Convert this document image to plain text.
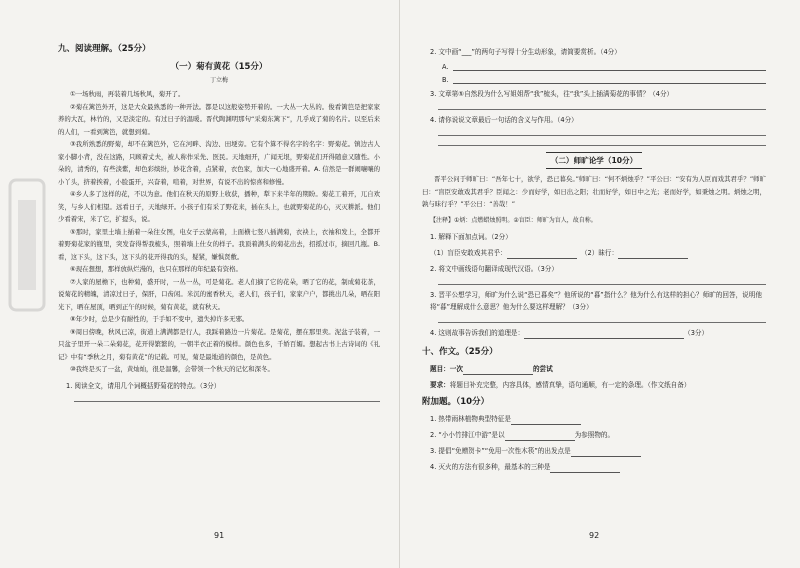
九、阅读理解。（25分）
（一）菊有黄花（15分）
丁立梅

①一场秋雨，再装着几场秋风，菊开了。

②菊在篱笆外开，这是大众最熟悉的一种开法。都是以这般姿势开着的。一大丛一大丛的。俊看篱笆是把家家养的大瓦，林竹的，又是淡定的。有过日子的温暖。晋代陶渊明那句“采菊东篱下”，几乎成了菊的名片。以至后来的人们，一看到篱笆，就想到菊。

③我所熟悉的野菊，却不在篱笆外，它在河畔、沟边、田埂旁。它有个算不得名字的名字：野菊花。镇边古人家小脚小背，没在这路，只顾着丈夫，被人称作采先、医民。天地细开，广闻无垠，野菊花们开得随意又随性。小朵的，清秀的，有些淡紫，却色彩缤纷，妙花含着，点紧着，衣色家，加大一心地盛开着。A. 信然是一群闹嚷嚷的小丫头，挤着挨着，小脸蛋开，兴奋着，喧着，对世界，有说不出的惊喜和修慢。

④乡人多了这样的花，不以为意。他们在秋天的原野上收获，播种，犁下来半年的期盼。菊花工着开，兀自欢笑，与乡人们相望。远看日子，天地绿开。小孩子们有采了野花来，插在头上，也就野菊花的心，灭灭耕派。他们少看着宋，米了它，扩提头，说。

⑤那时，家里土墙上插着一朵往女图，电女子云蒙高着，上面横七竖八插满菊，衣袂上，衣袖和发上，全都开着野菊花家的瓶里，突发奋得帮我梳头，照着墙上仕女的样子。我顶着满头的菊花出去，招摇过市，摘回几瓶。B. 看，这下头，这下头，这下头的花开得我的头，疑紧，嫌惧贤敷。

⑥现在想想，那样放纵烂漫的，也只在那样的年纪最有资格。

⑦人家的屋檐下，也种菊，盛开时，一丛一丛，可是菊花。老人们摘了它的花朵，晒了它的花，制成菊花茶，说菊花的精魄，清凉过日子，保肝，口齿闲。米沉的蜜香秋天，老人们，孩子们，家家户户，都挑出几朵，晒在阳光下，晒在屋顶，晒到正午的时候，菊有黄花，就有秋天。

⑧年少时，总是少有耐性的，于手如不变中，遗失掉许多无邪。

⑨周日傍晚，秋风已凉，街道上满满都是行人，我踩着路边一片菊花。是菊花，摆在那里卖。泥盆子装着，一只盆子里开一朵二朵菊花，花开得繁繁的，一朝半衣正着的模样。颜色也多，千娇百媚。想起古书上古诗词的《礼记》中有“季秋之月，菊有黄花”的记载。可见，菊是最地道的颜色，是黄色。

⑩我终是买了一盆，黄灿灿，很是温馨，会带领一个秋天的记忆和深冬。

1. 阅读全文，请用几个词概括野菊花的特点。（3分）
91
2. 文中画“___”的两句子写得十分生动形象，请简要赏析。（4分）
A.
B.
3. 文章第⑤自然段为什么写姐姐帮“我”梳头，往“我”头上插满菊花的事情？（4分）
4. 请你说说文章最后一句话的含义与作用。（4分）
（二）师旷论学（10分）

晋平公问于师旷曰：“吾年七十，欲学，恐已暮矣。”师旷曰：“何不炳烛乎？”平公曰：“安有为人臣而戏其君乎？”师旷曰：“盲臣安敢戏其君乎？臣闻之：少而好学，如日出之阳；壮而好学，如日中之光；老而好学，如秉烛之明。炳烛之明，孰与昧行乎？”平公曰：“善哉！”

【注释】①炳：点燃蜡烛照明。②盲臣：师旷为盲人，故自称。
1. 解释下面加点词。（2分）
（1）盲臣安敢戏其君乎：	（2）昧行：
2. 将文中画线语句翻译成现代汉语。（3分）
3. 晋平公想学习，师旷为什么说“恐已暮矣”？他所说的“暮”指什么？他为什么有这样的担心？师旷的回答，说明他将“暮”理解成什么意思？他为什么要这样理解？（3分）
4. 这则故事告诉我们的道理是：	（3分）
十、作文。（25分）
题目：一次	的尝试
要求：将题目补充完整，内容具体，感情真挚，语句通顺，有一定的条理。（作文纸自备）
附加题。（10分）
1. 热带雨林植物典型特征是
2. “小小竹排江中游”是以	为参照物的。
3. 提倡“免赠贺卡”“免用一次性木筷”的出发点是
4. 灭火的方法有很多种，最基本的三种是
92
